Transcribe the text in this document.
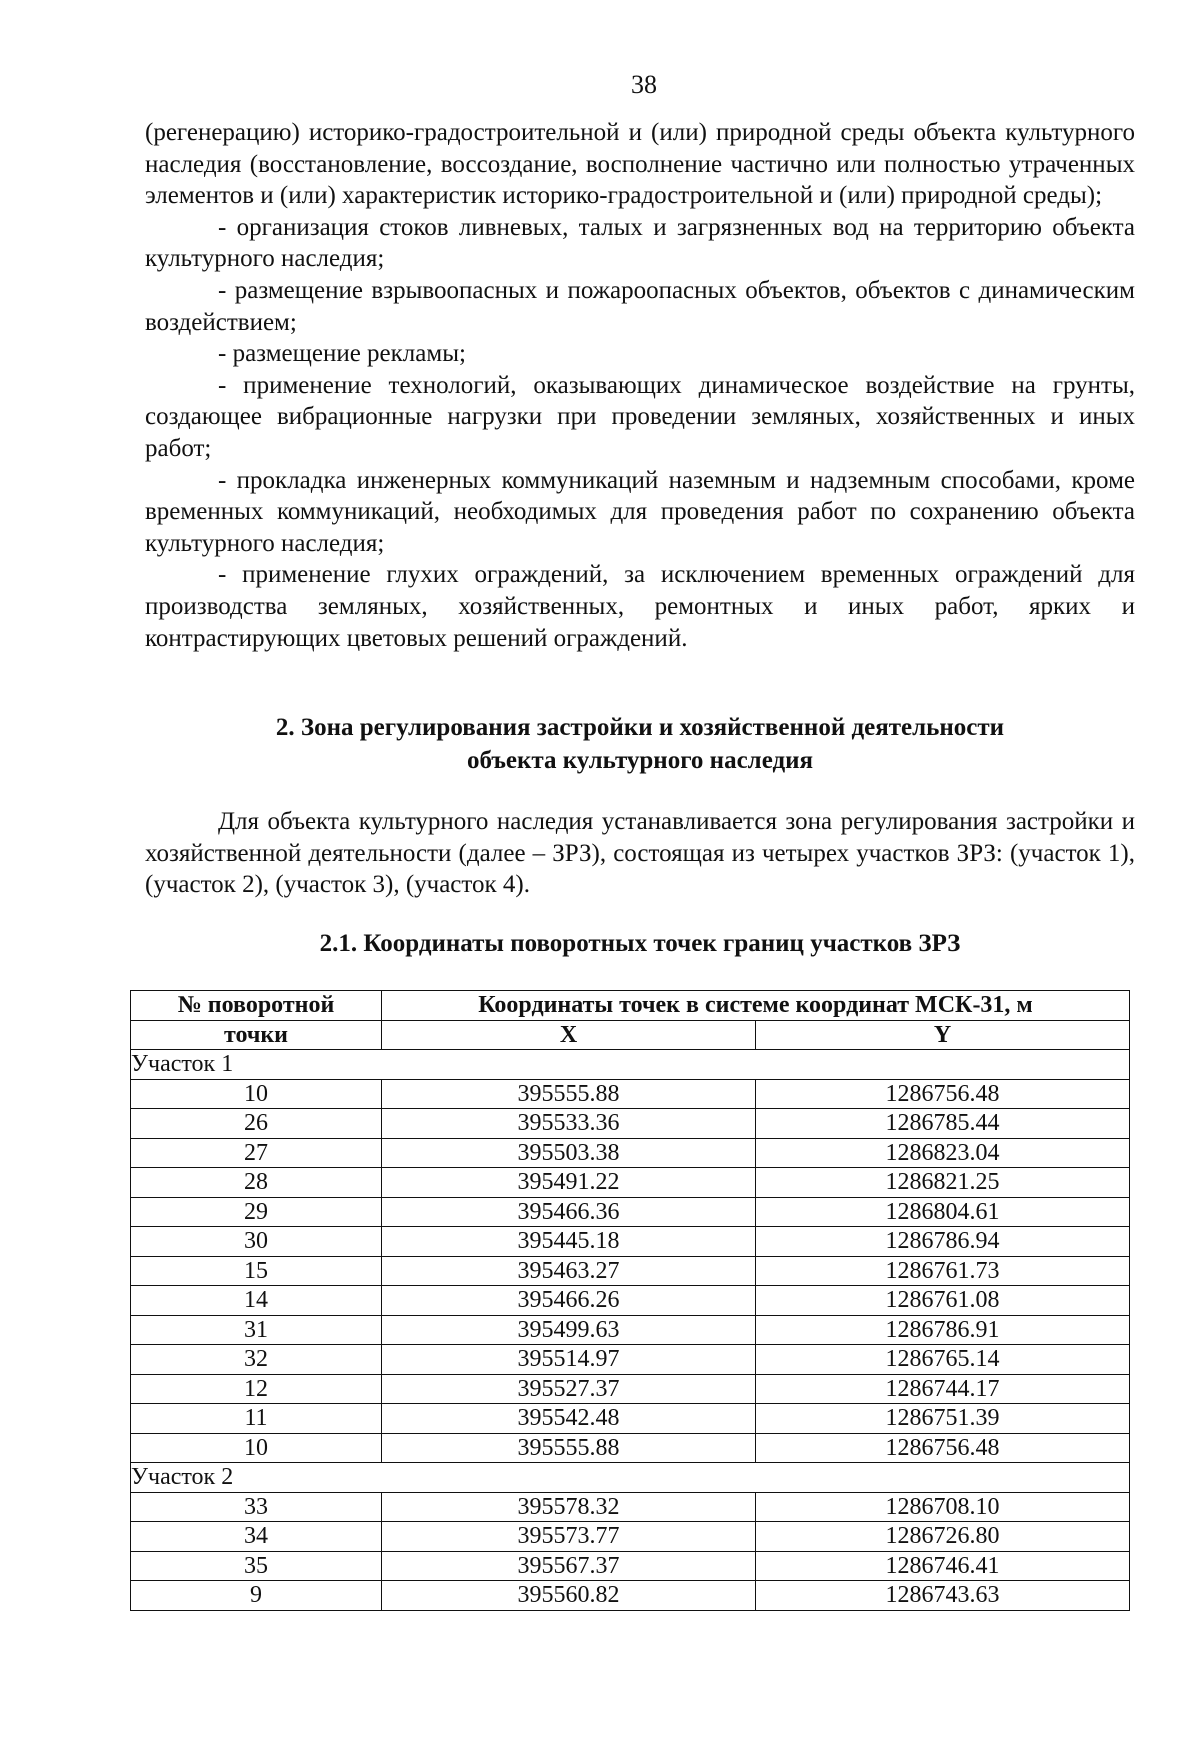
38

(регенерацию) историко-градостроительной и (или) природной среды объекта культурного наследия (восстановление, воссоздание, восполнение частично или полностью утраченных элементов и (или) характеристик историко-градостроительной и (или) природной среды);

- организация стоков ливневых, талых и загрязненных вод на территорию объекта культурного наследия;

- размещение взрывоопасных и пожароопасных объектов, объектов с динамическим воздействием;

- размещение рекламы;

- применение технологий, оказывающих динамическое воздействие на грунты, создающее вибрационные нагрузки при проведении земляных, хозяйственных и иных работ;

- прокладка инженерных коммуникаций наземным и надземным способами, кроме временных коммуникаций, необходимых для проведения работ по сохранению объекта культурного наследия;

- применение глухих ограждений, за исключением временных ограждений для производства земляных, хозяйственных, ремонтных и иных работ, ярких и контрастирующих цветовых решений ограждений.

2. Зона регулирования застройки и хозяйственной деятельности
объекта культурного наследия

Для объекта культурного наследия устанавливается зона регулирования застройки и хозяйственной деятельности (далее – ЗРЗ), состоящая из четырех участков ЗРЗ: (участок 1), (участок 2), (участок 3), (участок 4).

2.1. Координаты поворотных точек границ участков ЗРЗ
№ поворотной	Координаты точек в системе координат МСК-31, м	
точки	X	Y
Участок 1		
10	395555.88	1286756.48
26	395533.36	1286785.44
27	395503.38	1286823.04
28	395491.22	1286821.25
29	395466.36	1286804.61
30	395445.18	1286786.94
15	395463.27	1286761.73
14	395466.26	1286761.08
31	395499.63	1286786.91
32	395514.97	1286765.14
12	395527.37	1286744.17
11	395542.48	1286751.39
10	395555.88	1286756.48
Участок 2		
33	395578.32	1286708.10
34	395573.77	1286726.80
35	395567.37	1286746.41
9	395560.82	1286743.63
